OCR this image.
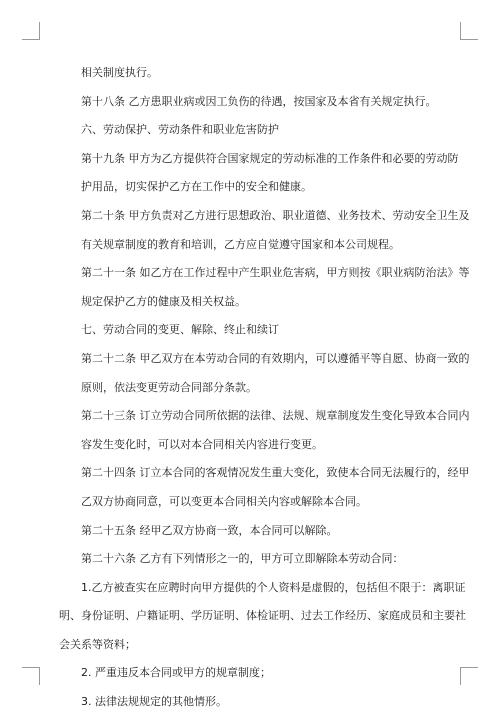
相关制度执行。
第十八条 乙方患职业病或因工负伤的待遇，按国家及本省有关规定执行。
六、劳动保护、劳动条件和职业危害防护
第十九条 甲方为乙方提供符合国家规定的劳动标准的工作条件和必要的劳动防
护用品，切实保护乙方在工作中的安全和健康。
第二十条 甲方负责对乙方进行思想政治、职业道德、业务技术、劳动安全卫生及
有关规章制度的教育和培训，乙方应自觉遵守国家和本公司规程。
第二十一条 如乙方在工作过程中产生职业危害病，甲方则按《职业病防治法》等
规定保护乙方的健康及相关权益。
七、劳动合同的变更、解除、终止和续订
第二十二条 甲乙双方在本劳动合同的有效期内，可以遵循平等自愿、协商一致的
原则，依法变更劳动合同部分条款。
第二十三条 订立劳动合同所依据的法律、法规、规章制度发生变化导致本合同内
容发生变化时，可以对本合同相关内容进行变更。
第二十四条 订立本合同的客观情况发生重大变化，致使本合同无法履行的，经甲
乙双方协商同意，可以变更本合同相关内容或解除本合同。
第二十五条 经甲乙双方协商一致，本合同可以解除。
第二十六条 乙方有下列情形之一的，甲方可立即解除本劳动合同：
1.乙方被查实在应聘时向甲方提供的个人资料是虚假的，包括但不限于：离职证
明、身份证明、户籍证明、学历证明、体检证明、过去工作经历、家庭成员和主要社
会关系等资料；
2. 严重违反本合同或甲方的规章制度；
3. 法律法规规定的其他情形。
